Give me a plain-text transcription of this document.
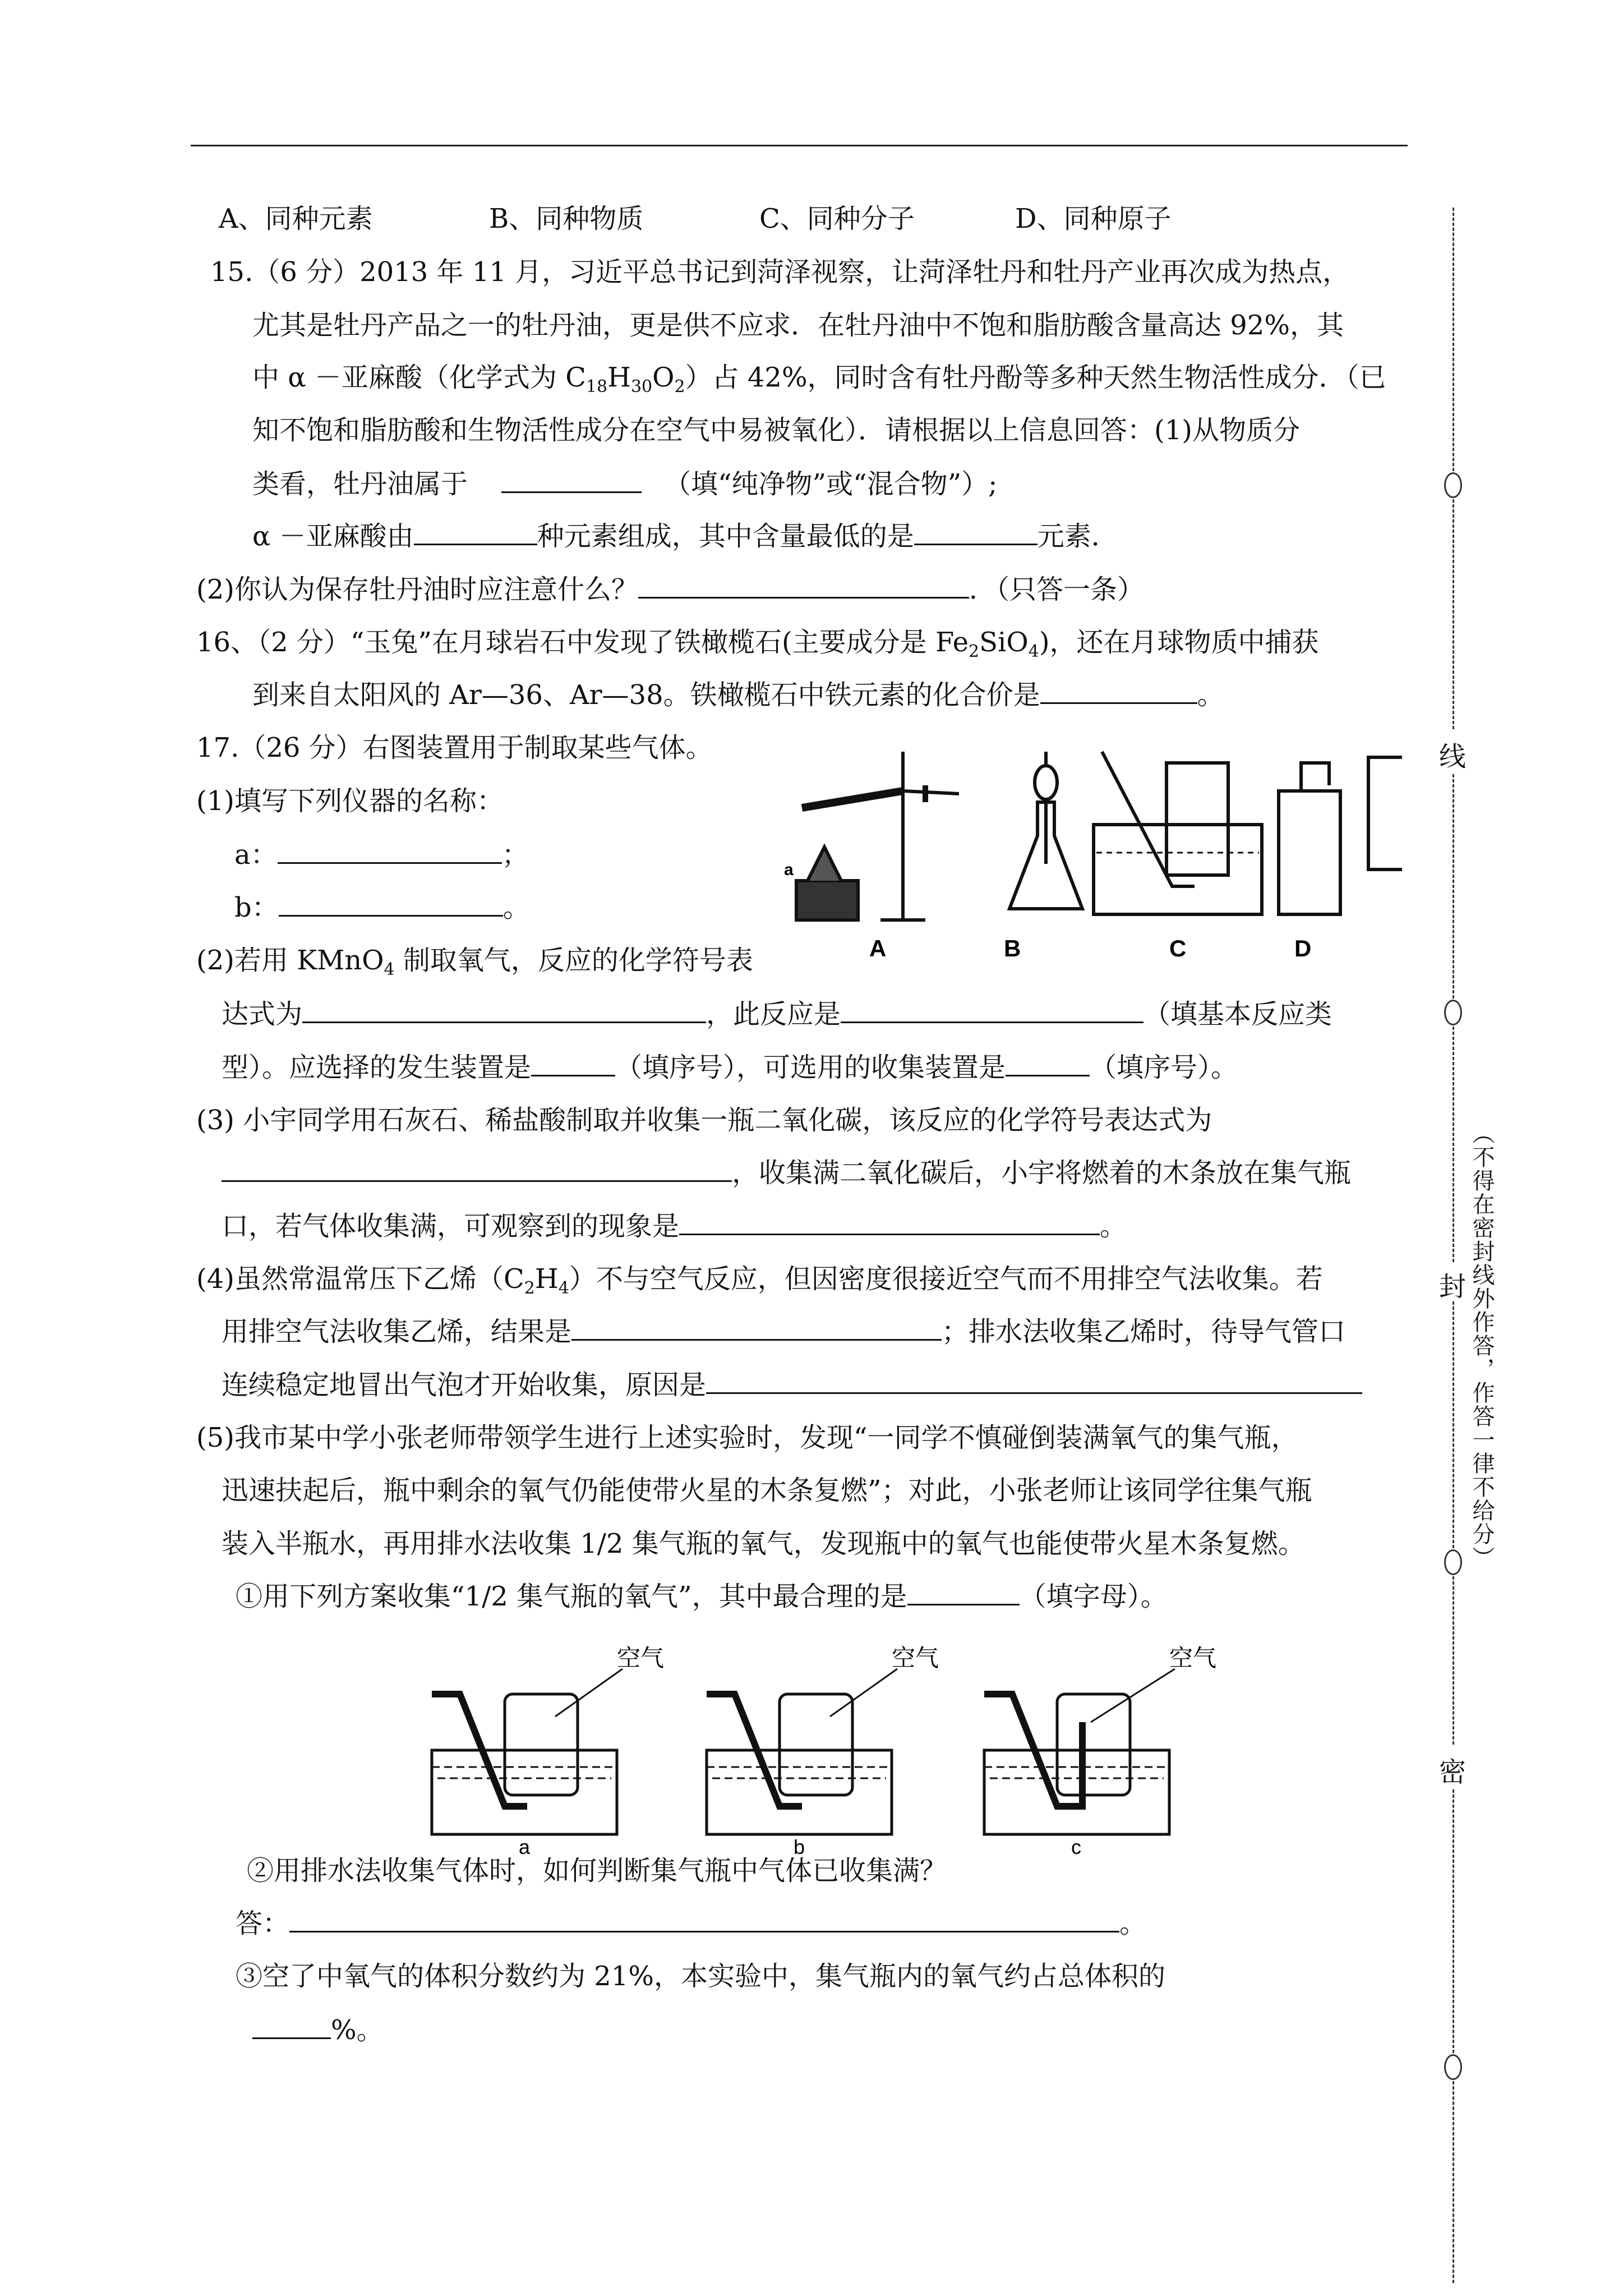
A、同种元素	B、同种物质	C、同种分子	D、同种原子
15.（6 分）2013 年 11 月，习近平总书记到菏泽视察，让菏泽牡丹和牡丹产业再次成为热点，
尤其是牡丹产品之一的牡丹油，更是供不应求．在牡丹油中不饱和脂肪酸含量高达 92%，其
中 α －亚麻酸（化学式为 $C_{18}H_{30}O_2$）占 42%，同时含有牡丹酚等多种天然生物活性成分．（已
知不饱和脂肪酸和生物活性成分在空气中易被氧化）．请根据以上信息回答：(1)从物质分
类看，牡丹油属于	（填“纯净物”或“混合物”）;
α －亚麻酸由	种元素组成，其中含量最低的是	元素．
(2)你认为保存牡丹油时应注意什么？	．（只答一条）
16、（2 分）“玉兔”在月球岩石中发现了铁橄榄石(主要成分是 $Fe_2SiO_4$)，还在月球物质中捕获
到来自太阳风的 Ar—36、Ar—38。铁橄榄石中铁元素的化合价是	。
17.（26 分）右图装置用于制取某些气体。
(1)填写下列仪器的名称：
a：	；
b：	。
a
A	B	C	D
(2)若用 KMnO$_4$ 制取氧气，反应的化学符号表
达式为	，此反应是	（填基本反应类
型）。应选择的发生装置是	（填序号），可选用的收集装置是	（填序号）。
(3) 小宇同学用石灰石、稀盐酸制取并收集一瓶二氧化碳，该反应的化学符号表达式为
，收集满二氧化碳后，小宇将燃着的木条放在集气瓶
口，若气体收集满，可观察到的现象是	。
(4)虽然常温常压下乙烯$(C_2H_4)$不与空气反应，但因密度很接近空气而不用排空气法收集。若
用排空气法收集乙烯，结果是	；排水法收集乙烯时，待导气管口
连续稳定地冒出气泡才开始收集，原因是
(5)我市某中学小张老师带领学生进行上述实验时，发现“一同学不慎碰倒装满氧气的集气瓶，
迅速扶起后，瓶中剩余的氧气仍能使带火星的木条复燃”；对此，小张老师让该同学往集气瓶
装入半瓶水，再用排水法收集 1/2 集气瓶的氧气，发现瓶中的氧气也能使带火星木条复燃。
①用下列方案收集“1/2 集气瓶的氧气”，其中最合理的是	（填字母）。
空气	空气	空气
a	b	c
②用排水法收集气体时，如何判断集气瓶中气体已收集满？
答：	。
③空了中氧气的体积分数约为 21%，本实验中，集气瓶内的氧气约占总体积的
%。
线
封
密
（不得在密封线外作答，作答一律不给分）
